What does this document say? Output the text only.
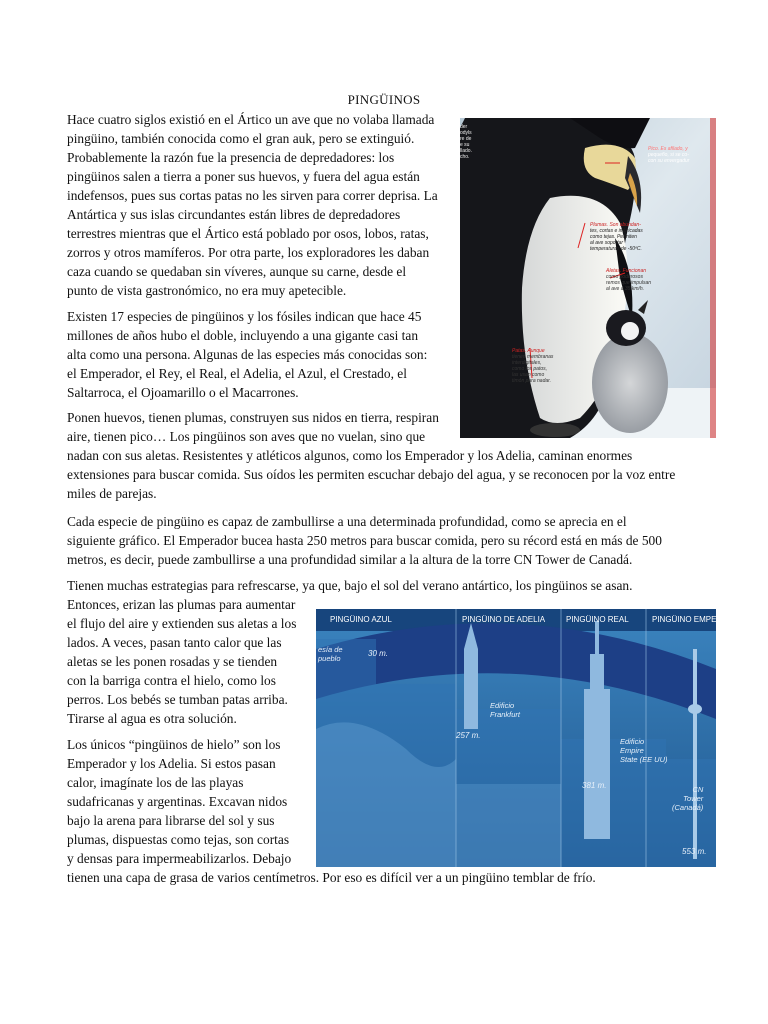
PINGÜINOS
Hace cuatro siglos existió en el Ártico un ave que no volaba llamada
pingüino, también conocida como el gran auk, pero se extinguió.
Probablemente la razón fue la presencia de depredadores: los
pingüinos salen a tierra a poner sus huevos, y fuera del agua están
indefensos, pues sus cortas patas no les sirven para correr deprisa. La
Antártica y sus islas circundantes están libres de depredadores
terrestres mientras que el Ártico está poblado por osos, lobos, ratas,
zorros y otros mamíferos. Por otra parte, los exploradores les daban
caza cuando se quedaban sin víveres, aunque su carne, desde el
punto de vista gastronómico, no era muy apetecible.
Existen 17 especies de pingüinos y los fósiles indican que hace 45
millones de años hubo el doble, incluyendo a una gigante casi tan
alta como una persona. Algunas de las especies más conocidas son:
el Emperador, el Rey, el Real, el Adelia, el Azul, el Crestado, el
Saltarroca, el Ojoamarillo o el Macarrones.
Ponen huevos, tienen plumas, construyen sus nidos en tierra, respiran
aire, tienen pico… Los pingüinos son aves que no vuelan, sino que
nadan con sus aletas. Resistentes y atléticos algunos, como los Emperador y los Adelia, caminan enormes
extensiones para buscar comida. Sus oídos les permiten escuchar debajo del agua, y se reconocen por la voz entre
miles de parejas.
Cada especie de pingüino es capaz de zambullirse a una determinada profundidad, como se aprecia en el
siguiente gráfico. El Emperador bucea hasta 250 metros para buscar comida, pero su récord está en más de 500
metros, es decir, puede zambullirse a una profundidad similar a la altura de la torre CN Tower de Canadá.
Tienen muchas estrategias para refrescarse, ya que, bajo el sol del verano antártico, los pingüinos se asan.
Entonces, erizan las plumas para aumentar
el flujo del aire y extienden sus aletas a los
lados. A veces, pasan tanto calor que las
aletas se les ponen rosadas y se tienden
con la barriga contra el hielo, como los
perros. Los bebés se tumban patas arriba.
Tirarse al agua es otra solución.
Los únicos “pingüinos de hielo” son los
Emperador y los Adelia. Si estos pasan
calor, imagínate los de las playas
sudafricanas y argentinas. Excavan nidos
bajo la arena para librarse del sol y sus
plumas, dispuestas como tejas, son cortas
y densas para impermeabilizarlos. Debajo
tienen una capa de grasa de varios centímetros. Por eso es difícil ver a un pingüino temblar de frío.
der
odyls
re de
e su
llado.
cho.
Pico. Es afilado, y
pequeño, si se co-
con su envergadur
Plumas. Son abundan-
tes, cortas e imbricadas
como tejas. Permiten
al ave soportar
temperaturas de -50ºC.
Aletas. Funcionan
como poderosos
remos que impulsan
al ave a 35 km/h.
Patas. Aunque
tienen membranas
interdigitales,
como los patos,
las usan como
timón para nadar.
PINGÜINO AZUL	PINGÜINO DE ADELIA	PINGÜINO REAL	PINGÜINO EMPERA
esía de
pueblo
30 m.
Edificio
Frankfurt
257 m.
Edificio
Empire
State (EE UU)
381 m.	CN
Tower
(Canadá)
553 m.
